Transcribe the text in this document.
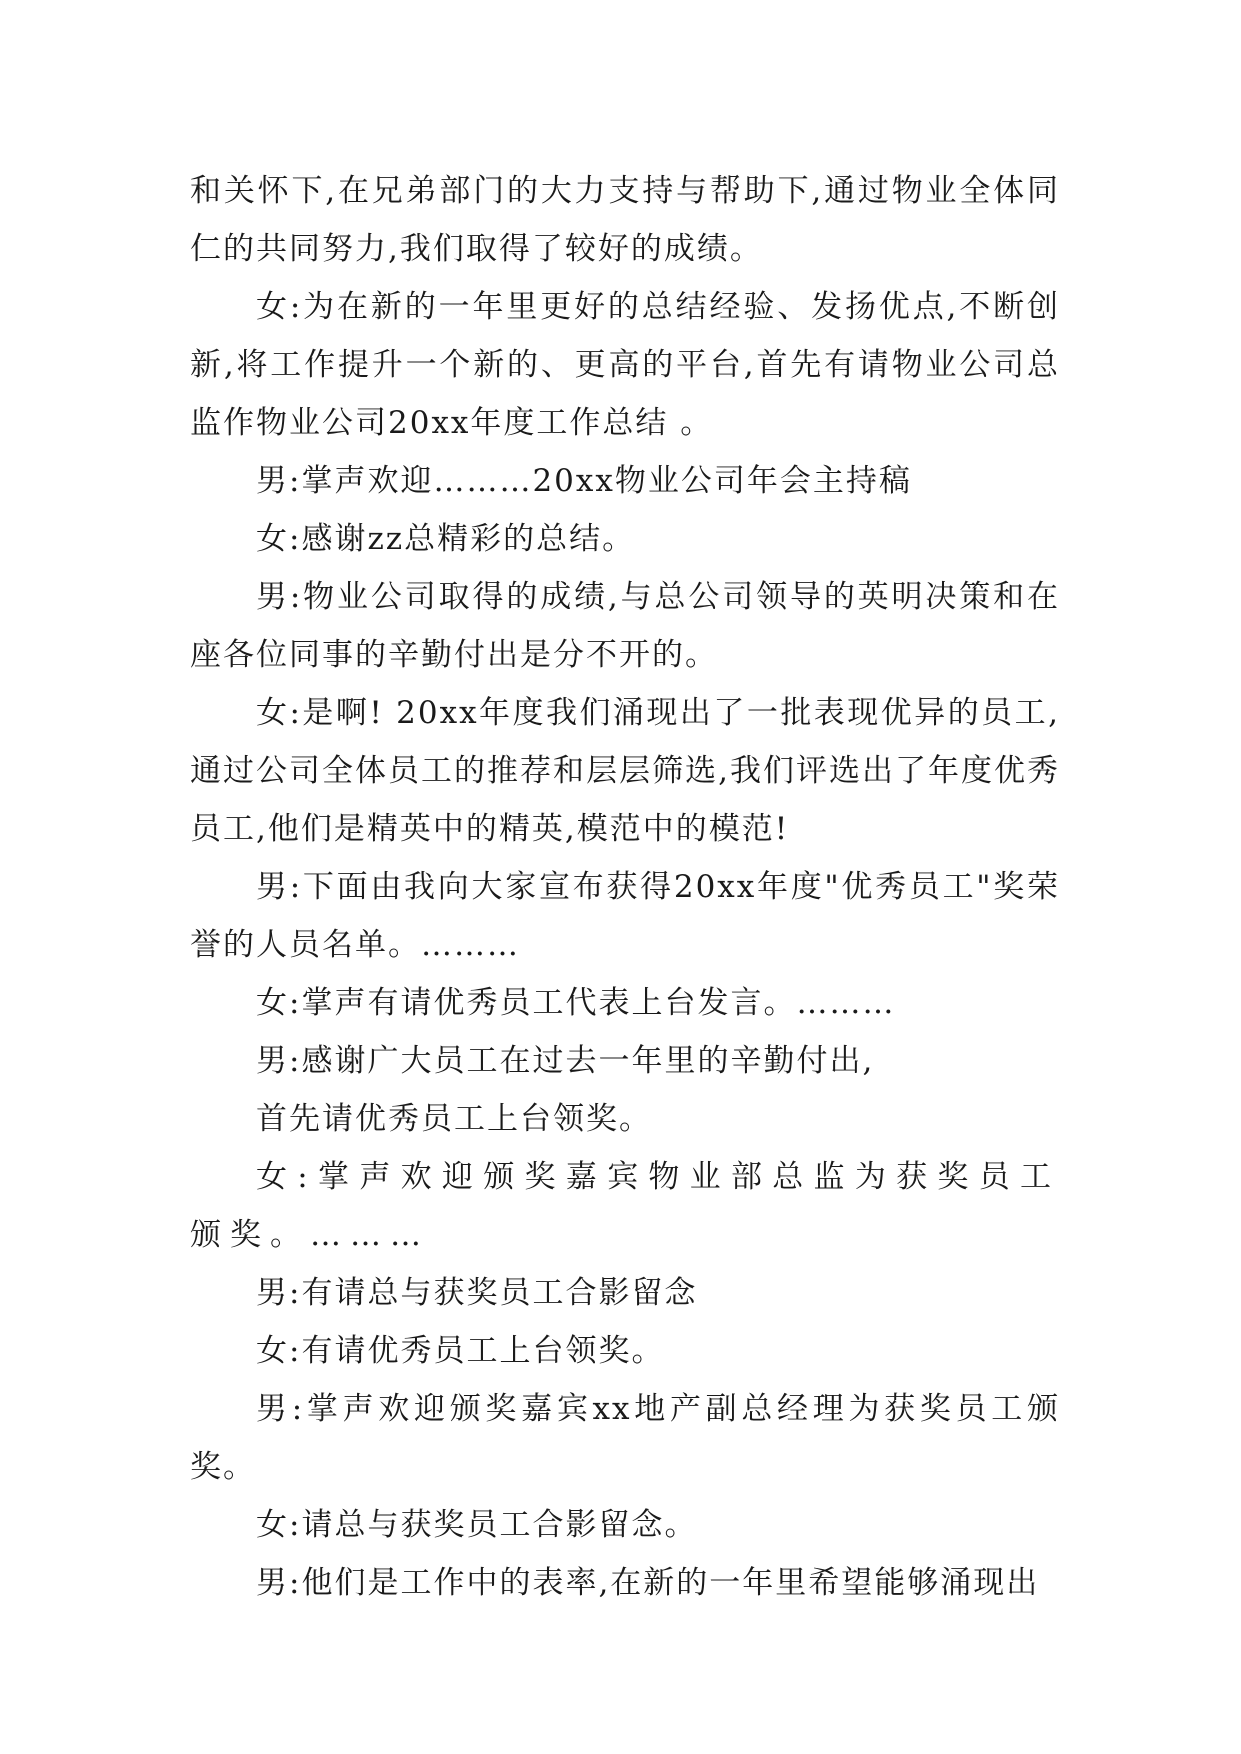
和关怀下,在兄弟部门的大力支持与帮助下,通过物业全体同仁的共同努力,我们取得了较好的成绩。

女:为在新的一年里更好的总结经验、发扬优点,不断创新,将工作提升一个新的、更高的平台,首先有请物业公司总监作物业公司20xx年度工作总结 。

男:掌声欢迎………20xx物业公司年会主持稿

女:感谢zz总精彩的总结。

男:物业公司取得的成绩,与总公司领导的英明决策和在座各位同事的辛勤付出是分不开的。

女:是啊! 20xx年度我们涌现出了一批表现优异的员工,通过公司全体员工的推荐和层层筛选,我们评选出了年度优秀员工,他们是精英中的精英,模范中的模范!

男:下面由我向大家宣布获得20xx年度"优秀员工"奖荣誉的人员名单。………

女:掌声有请优秀员工代表上台发言。………

男:感谢广大员工在过去一年里的辛勤付出,

首先请优秀员工上台领奖。

女:掌声欢迎颁奖嘉宾物业部总监为获奖员工颁奖。………

男:有请总与获奖员工合影留念

女:有请优秀员工上台领奖。

男:掌声欢迎颁奖嘉宾xx地产副总经理为获奖员工颁奖。

女:请总与获奖员工合影留念。

男:他们是工作中的表率,在新的一年里希望能够涌现出
